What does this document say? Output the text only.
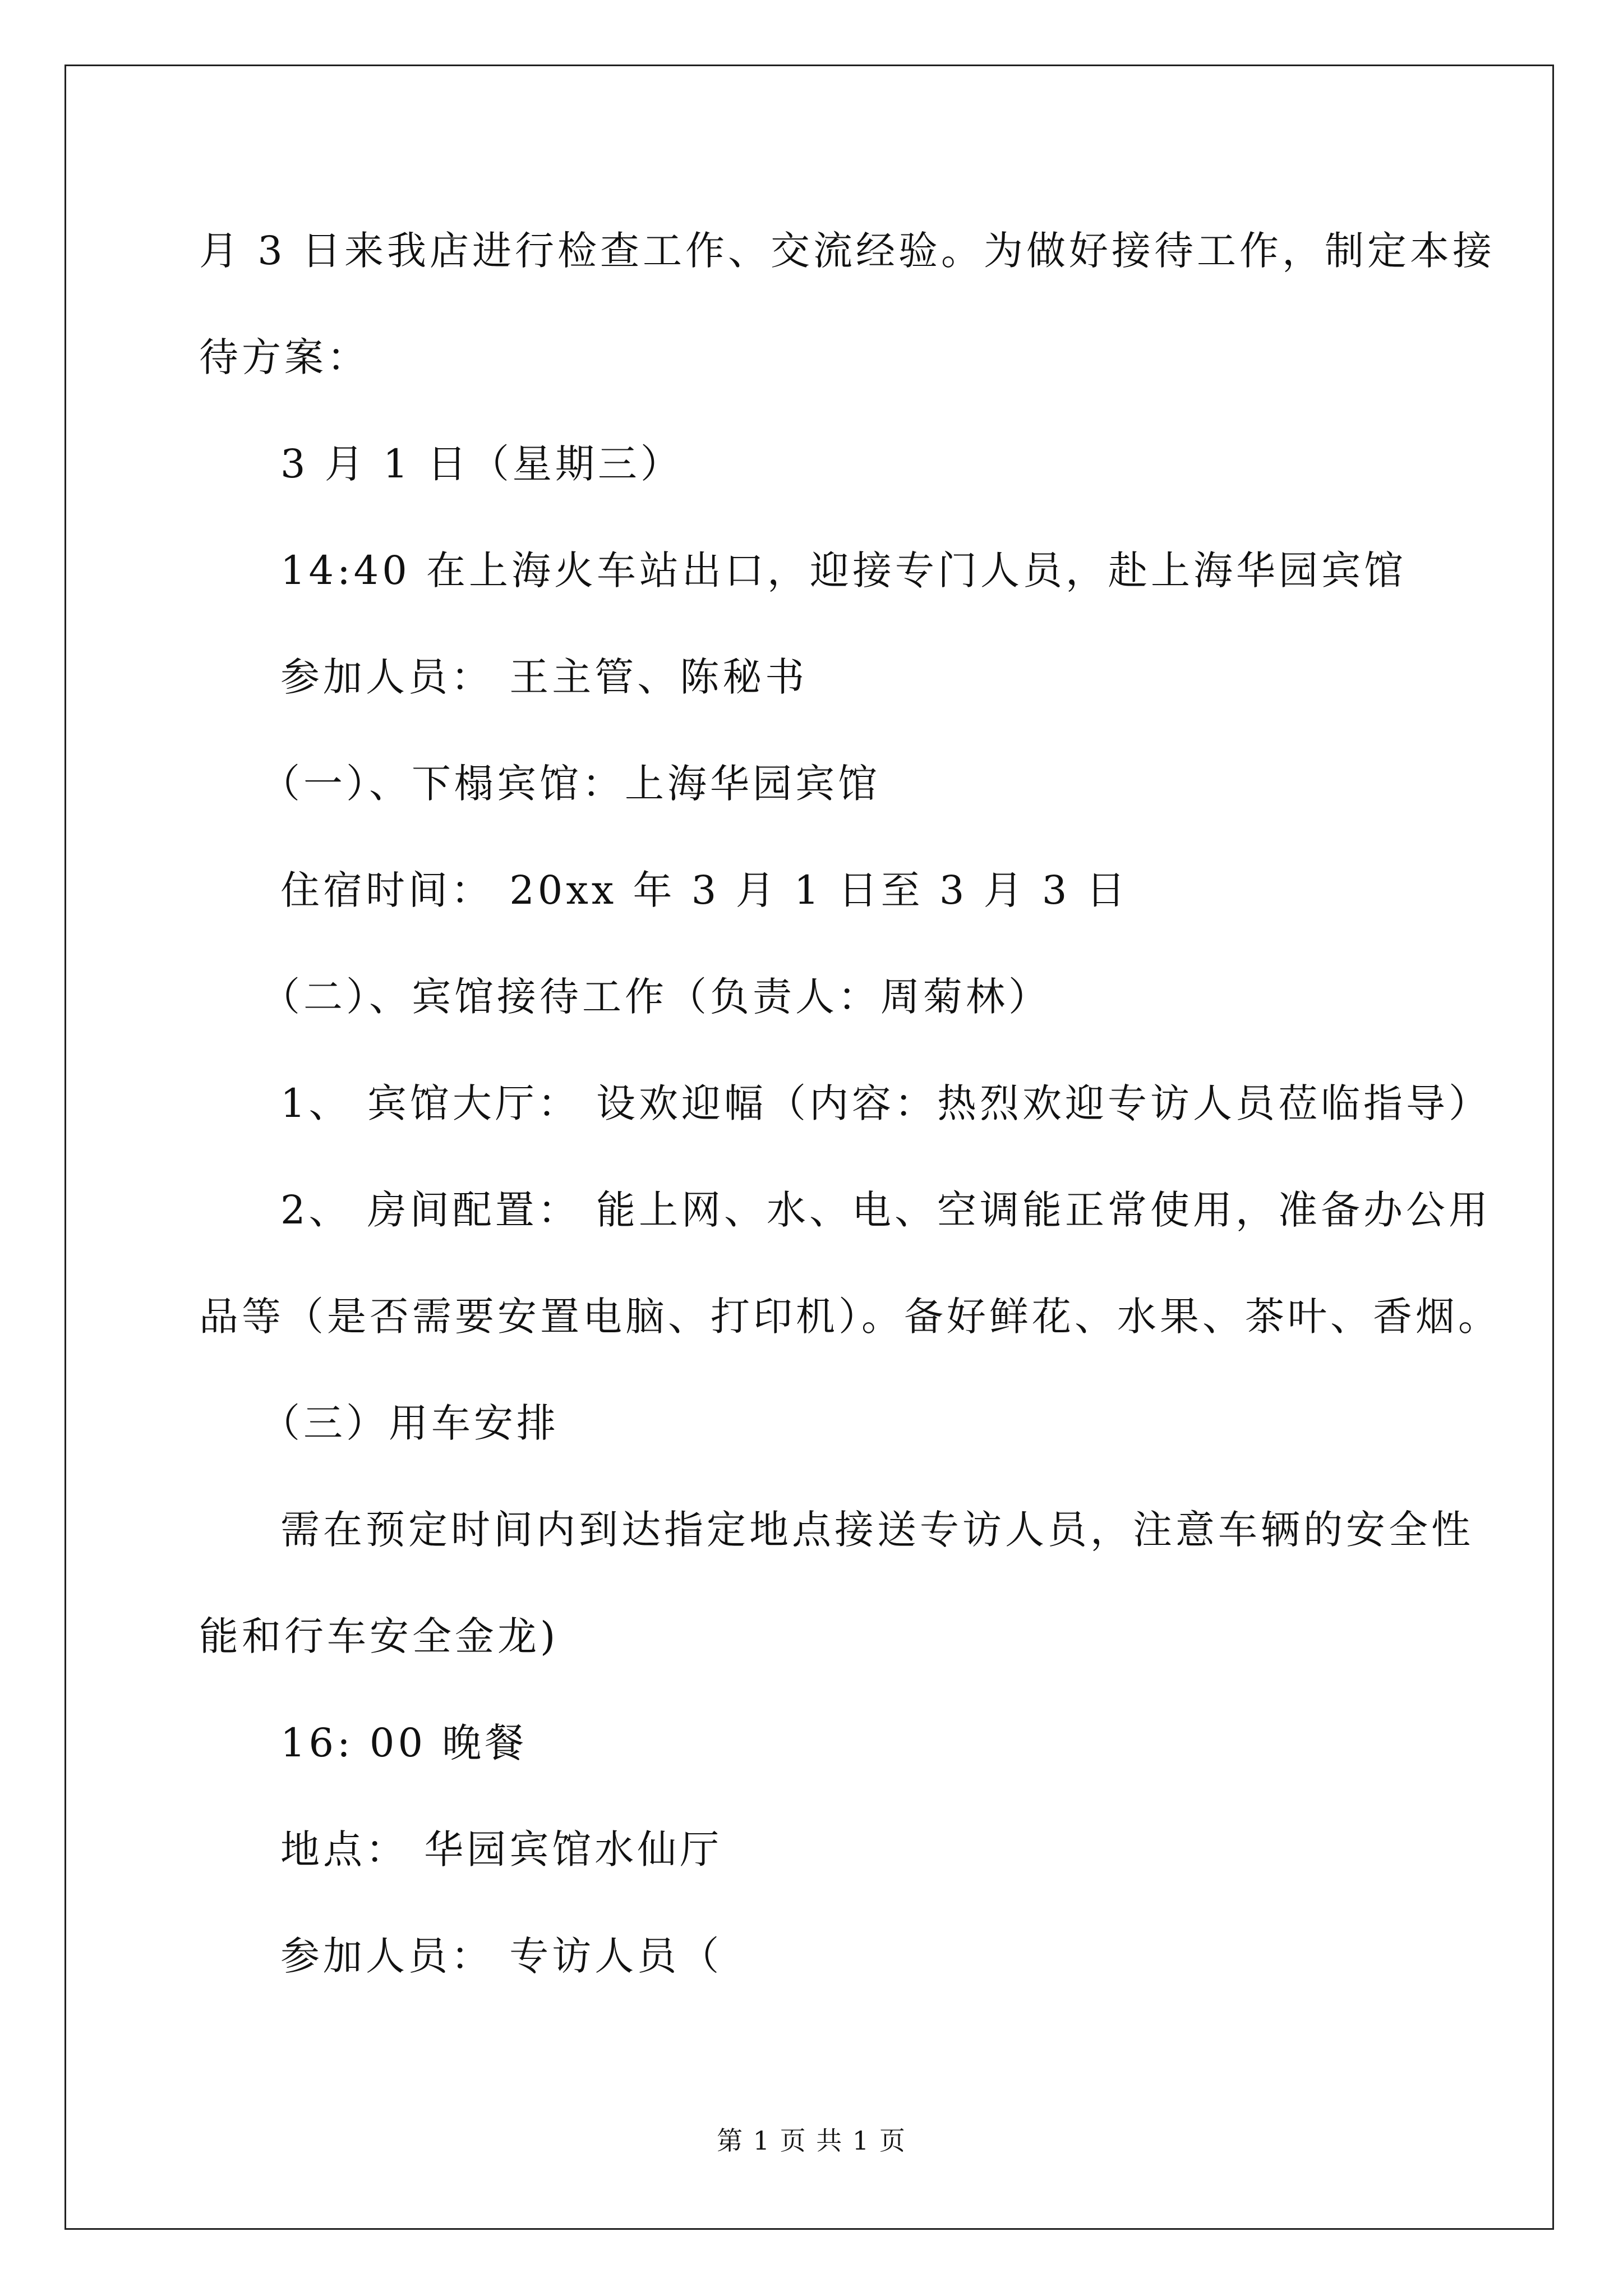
月 3 日来我店进行检查工作、交流经验。为做好接待工作，制定本接
待方案：
3 月 1 日（星期三）
14:40 在上海火车站出口，迎接专门人员，赴上海华园宾馆
参加人员： 王主管、陈秘书
（一）、下榻宾馆：上海华园宾馆
住宿时间： 20xx 年 3 月 1 日至 3 月 3 日
（二）、宾馆接待工作（负责人：周菊林）
1、 宾馆大厅： 设欢迎幅（内容：热烈欢迎专访人员莅临指导）
2、 房间配置： 能上网、水、电、空调能正常使用，准备办公用
品等（是否需要安置电脑、打印机）。备好鲜花、水果、茶叶、香烟。
（三）用车安排
需在预定时间内到达指定地点接送专访人员，注意车辆的安全性
能和行车安全金龙)
16: 00 晚餐
地点： 华园宾馆水仙厅
参加人员： 专访人员（
第 1 页 共 1 页
